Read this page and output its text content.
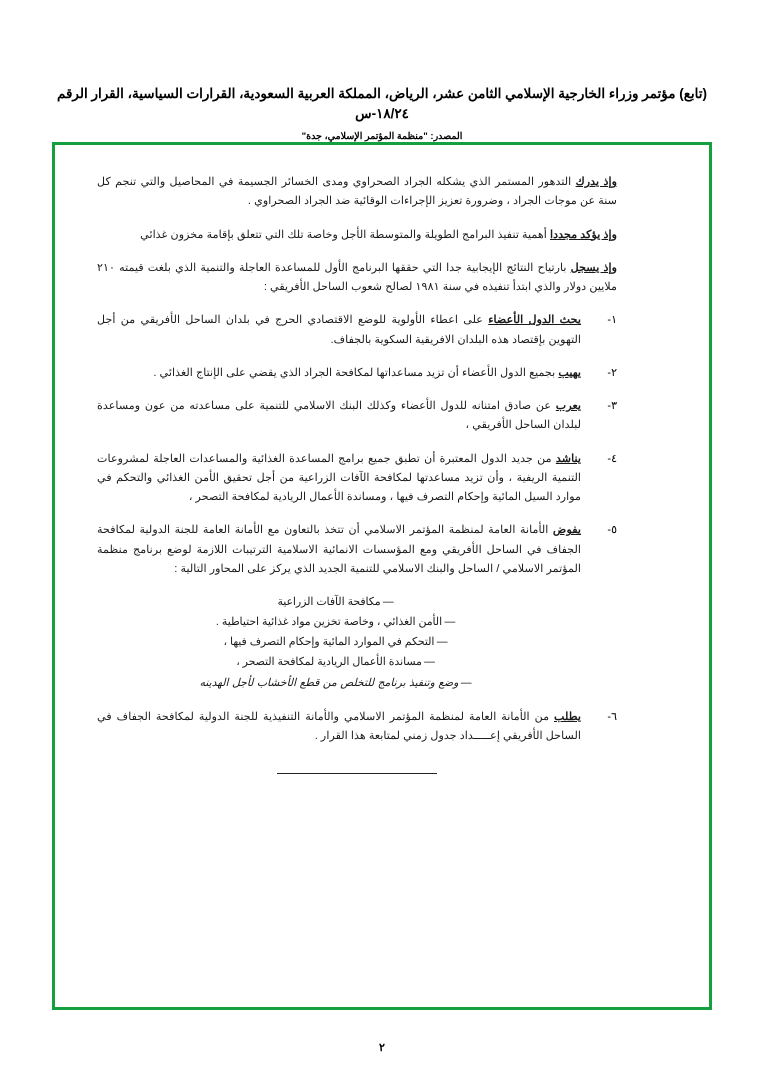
(تابع) مؤتمر وزراء الخارجية الإسلامي الثامن عشر، الرياض، المملكة العربية السعودية، القرارات السياسية، القرار الرقم ١٨/٢٤-س
المصدر: "منظمة المؤتمر الإسلامي، جدة"
وإذ يدرك التدهور المستمر الذي يشكله الجراد الصحراوي ومدى الخسائر الجسيمة في المحاصيل والتي تنجم كل سنة عن موجات الجراد ، وضرورة تعزيز الإجراءات الوقائية ضد الجراد الصحراوي .
وإذ يؤكد مجددا أهمية تنفيذ البرامج الطويلة والمتوسطة الأجل وخاصة تلك التي تتعلق بإقامة مخزون غذائي
وإذ يسجل بارتياح النتائج الإيجابية جدا التي حققها البرنامج الأول للمساعدة العاجلة والتنمية الذي بلغت قيمته ٢١٠ ملايين دولار والذي ابتدأ تنفيذه في سنة ١٩٨١ لصالح شعوب الساحل الأفريقي :
١-
يحث الدول الأعضاء على اعطاء الأولوية للوضع الاقتصادي الحرج في بلدان الساحل الأفريقي من أجل التهوين بإقتصاد هذه البلدان الافريقية السكوية بالجفاف.
٢-
يهيب بجميع الدول الأعضاء أن تزيد مساعداتها لمكافحة الجراد الذي يقضي على الإنتاج الغذائي .
٣-
يعرب عن صادق امتنانه للدول الأعضاء وكذلك البنك الاسلامي للتنمية على مساعدته من عون ومساعدة لبلدان الساحل الأفريقي ،
٤-
يناشد من جديد الدول المعتبرة أن تطبق جميع برامج المساعدة الغذائية والمساعدات العاجلة لمشروعات التنمية الريفية ، وأن تزيد مساعدتها لمكافحة الآفات الزراعية من أجل تحقيق الأمن الغذائي والتحكم في موارد السيل المائية وإحكام التصرف فيها ، ومساندة الأعمال الريادية لمكافحة التصحر ،
٥-
يفوض الأمانة العامة لمنظمة المؤتمر الاسلامي أن تتخذ بالتعاون مع الأمانة العامة للجنة الدولية لمكافحة الجفاف في الساحل الأفريقي ومع المؤسسات الانمائية الاسلامية الترتيبات اللازمة لوضع برنامج منظمة المؤتمر الاسلامي / الساحل والبنك الاسلامي للتنمية الجديد الذي يركز على المحاور التالية :
—مكافحة الآفات الزراعية
—الأمن الغذائي ، وخاصة تخزين مواد غذائية احتياطية .
—التحكم في الموارد المائية وإحكام التصرف فيها ،
—مساندة الأعمال الريادية لمكافحة التصحر ،
—وضع وتنفيذ برنامج للتخلص من قطع الأخشاب لأجل الهدينه
٦-
يطلب من الأمانة العامة لمنظمة المؤتمر الاسلامي والأمانة التنفيذية للجنة الدولية لمكافحة الجفاف في الساحل الأفريقي إعـــــداد جدول زمني لمتابعة هذا القرار .
٢
